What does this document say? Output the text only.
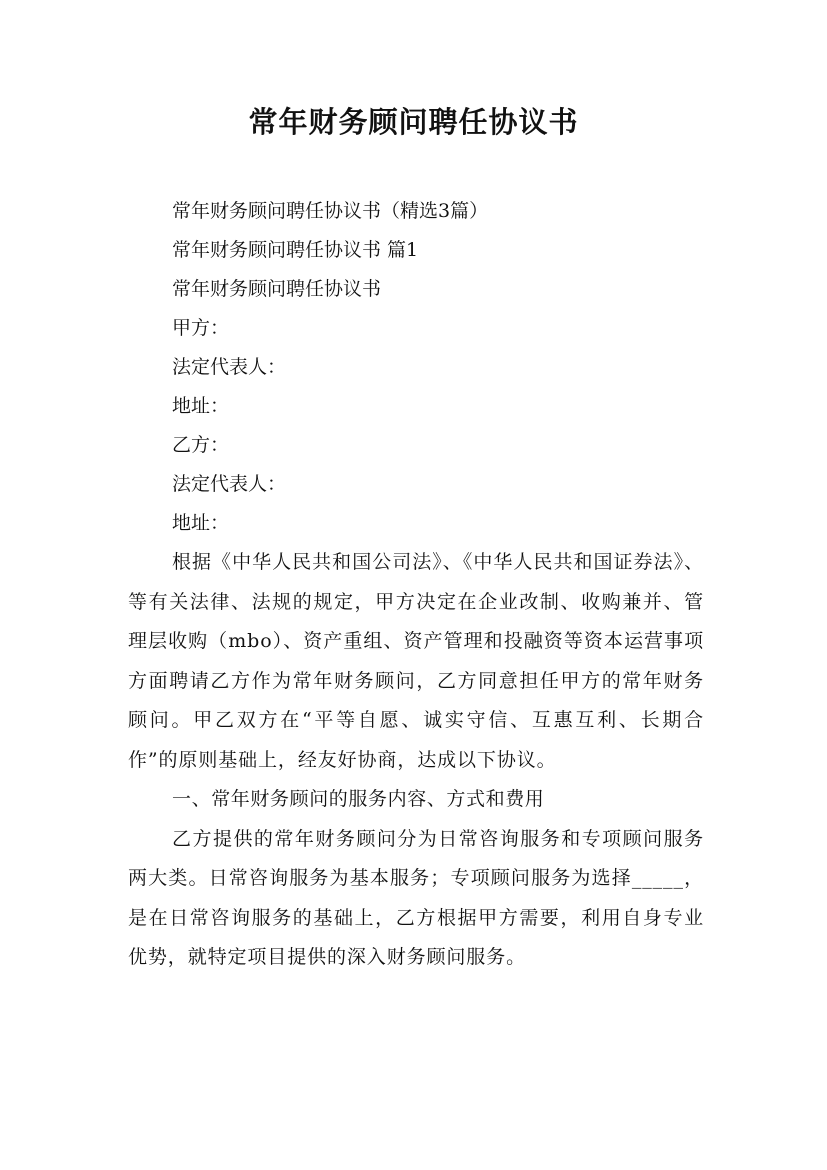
常年财务顾问聘任协议书
常年财务顾问聘任协议书（精选3篇）
常年财务顾问聘任协议书 篇1
常年财务顾问聘任协议书
甲方：
法定代表人：
地址：
乙方：
法定代表人：
地址：

根据《中华人民共和国公司法》、《中华人民共和国证券法》、等有关法律、法规的规定，甲方决定在企业改制、收购兼并、管理层收购（mbo）、资产重组、资产管理和投融资等资本运营事项方面聘请乙方作为常年财务顾问，乙方同意担任甲方的常年财务顾问。甲乙双方在“平等自愿、诚实守信、互惠互利、长期合作”的原则基础上，经友好协商，达成以下协议。

一、常年财务顾问的服务内容、方式和费用

乙方提供的常年财务顾问分为日常咨询服务和专项顾问服务两大类。日常咨询服务为基本服务；专项顾问服务为选择_____，是在日常咨询服务的基础上，乙方根据甲方需要，利用自身专业优势，就特定项目提供的深入财务顾问服务。
